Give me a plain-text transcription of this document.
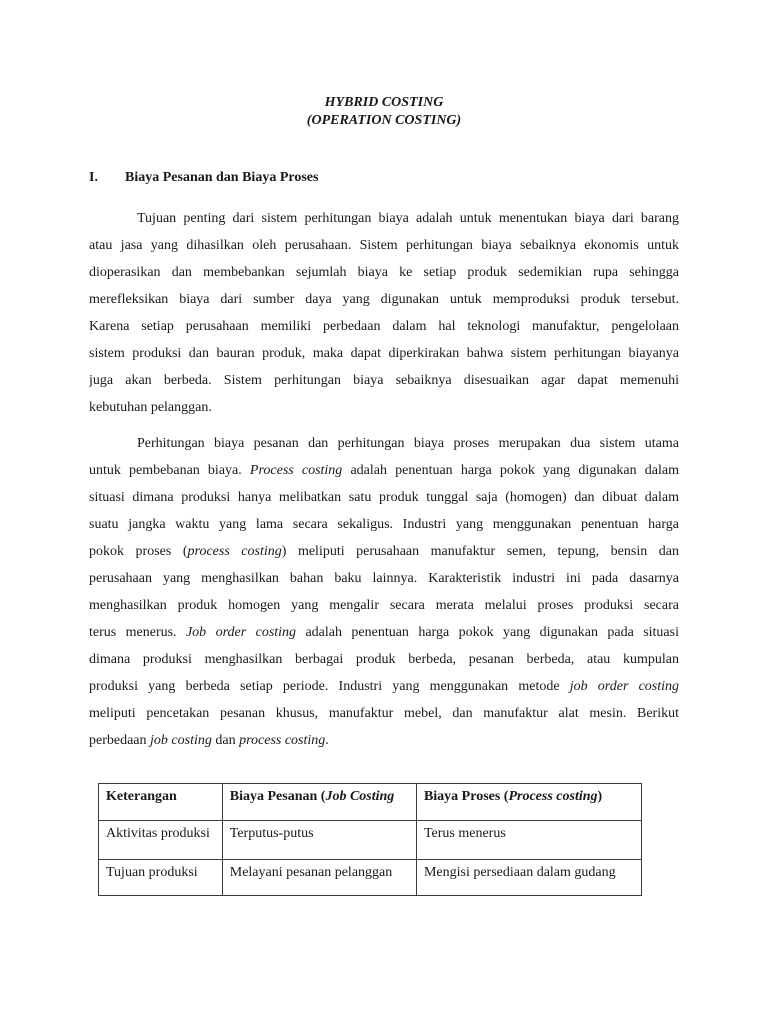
HYBRID COSTING
(OPERATION COSTING)
I. Biaya Pesanan dan Biaya Proses

Tujuan penting dari sistem perhitungan biaya adalah untuk menentukan biaya dari barang
atau jasa yang dihasilkan oleh perusahaan. Sistem perhitungan biaya sebaiknya ekonomis untuk
dioperasikan dan membebankan sejumlah biaya ke setiap produk sedemikian rupa sehingga
merefleksikan biaya dari sumber daya yang digunakan untuk memproduksi produk tersebut.
Karena setiap perusahaan memiliki perbedaan dalam hal teknologi manufaktur, pengelolaan
sistem produksi dan bauran produk, maka dapat diperkirakan bahwa sistem perhitungan biayanya
juga akan berbeda. Sistem perhitungan biaya sebaiknya disesuaikan agar dapat memenuhi
kebutuhan pelanggan.

Perhitungan biaya pesanan dan perhitungan biaya proses merupakan dua sistem utama
untuk pembebanan biaya. Process costing adalah penentuan harga pokok yang digunakan dalam
situasi dimana produksi hanya melibatkan satu produk tunggal saja (homogen) dan dibuat dalam
suatu jangka waktu yang lama secara sekaligus. Industri yang menggunakan penentuan harga
pokok proses (process costing) meliputi perusahaan manufaktur semen, tepung, bensin dan
perusahaan yang menghasilkan bahan baku lainnya. Karakteristik industri ini pada dasarnya
menghasilkan produk homogen yang mengalir secara merata melalui proses produksi secara
terus menerus. Job order costing adalah penentuan harga pokok yang digunakan pada situasi
dimana produksi menghasilkan berbagai produk berbeda, pesanan berbeda, atau kumpulan
produksi yang berbeda setiap periode. Industri yang menggunakan metode job order costing
meliputi pencetakan pesanan khusus, manufaktur mebel, dan manufaktur alat mesin. Berikut
perbedaan job costing dan process costing.

Keterangan	Biaya Pesanan (Job Costing	Biaya Proses (Process costing)
Aktivitas produksi	Terputus-putus	Terus menerus
Tujuan produksi	Melayani pesanan pelanggan	Mengisi persediaan dalam gudang
